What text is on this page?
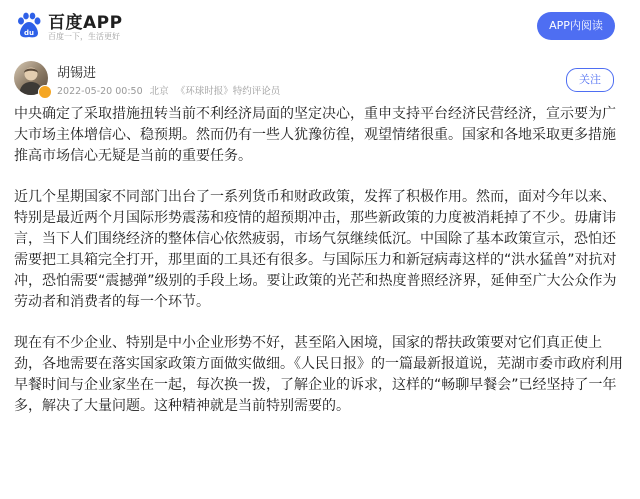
du 百度APP
百度一下，生活更好
APP内阅读
胡锡进
2022-05-20 00:50 北京 《环球时报》特约评论员
关注

中央确定了采取措施扭转当前不利经济局面的坚定决心，重申支持平台经济民营经济，宣示要为广大市场主体增信心、稳预期。然而仍有一些人犹豫彷徨，观望情绪很重。国家和各地采取更多措施推高市场信心无疑是当前的重要任务。

近几个星期国家不同部门出台了一系列货币和财政政策，发挥了积极作用。然而，面对今年以来、特别是最近两个月国际形势震荡和疫情的超预期冲击，那些新政策的力度被消耗掉了不少。毋庸讳言，当下人们围绕经济的整体信心依然疲弱，市场气氛继续低沉。中国除了基本政策宣示，恐怕还需要把工具箱完全打开，那里面的工具还有很多。与国际压力和新冠病毒这样的“洪水猛兽”对抗对冲，恐怕需要“震撼弹”级别的手段上场。要让政策的光芒和热度普照经济界，延伸至广大公众作为劳动者和消费者的每一个环节。

现在有不少企业、特别是中小企业形势不好，甚至陷入困境，国家的帮扶政策要对它们真正使上劲，各地需要在落实国家政策方面做实做细。《人民日报》的一篇最新报道说，芜湖市委市政府利用早餐时间与企业家坐在一起，每次换一拨，了解企业的诉求，这样的“畅聊早餐会”已经坚持了一年多，解决了大量问题。这种精神就是当前特别需要的。
